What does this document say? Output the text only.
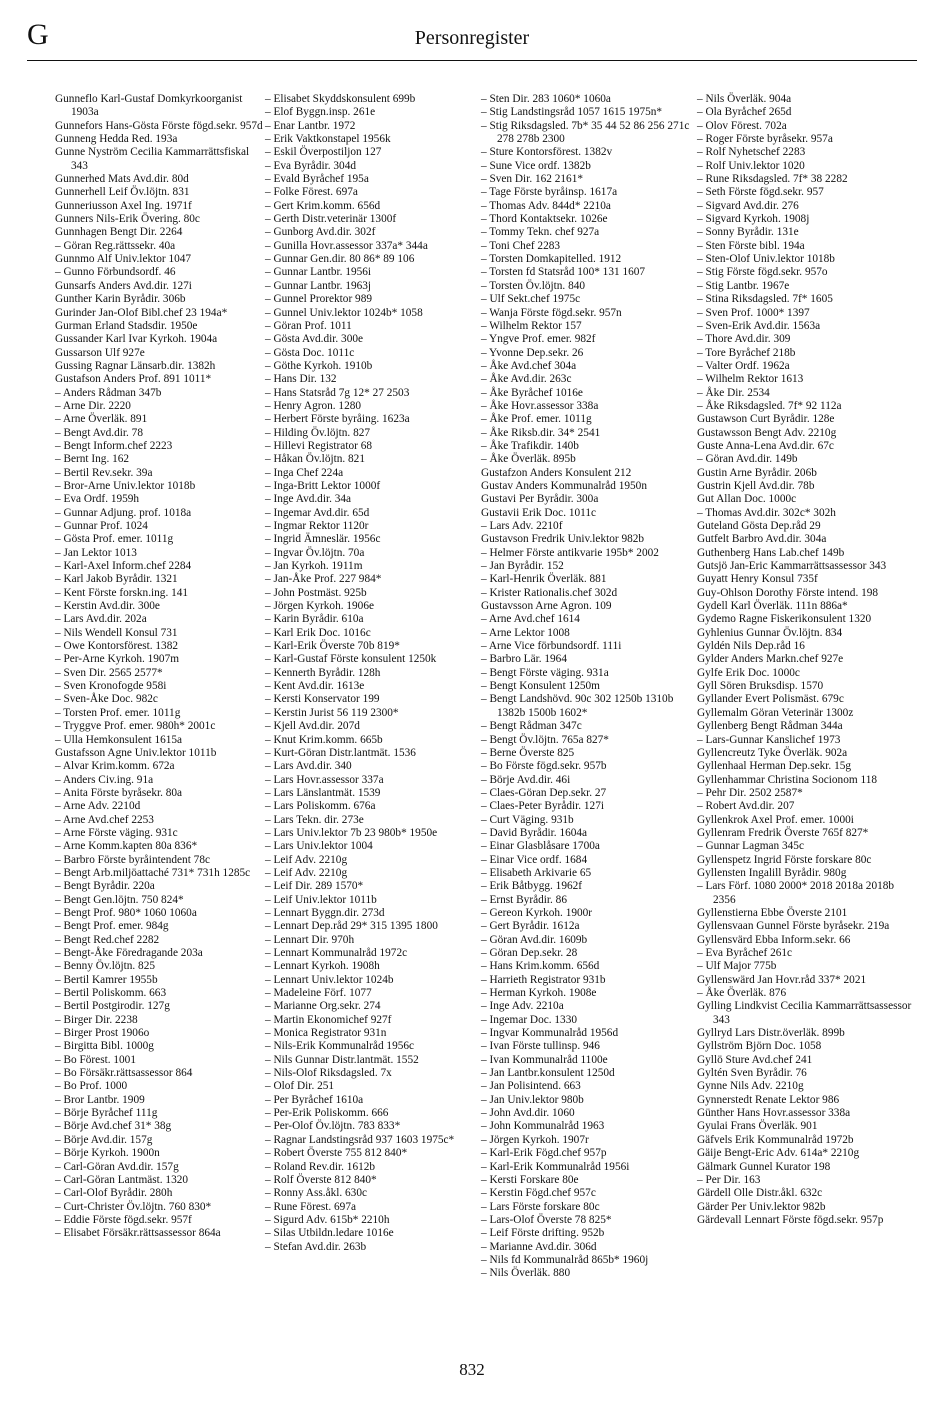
G	Personregister

Gunneflo Karl-Gustaf Domkyrkoorganist 1903a

Gunnefors Hans-Gösta Förste fögd.sekr. 957d

Gunneng Hedda Red. 193a

Gunne Nyström Cecilia Kammarrättsfiskal 343

Gunnerhed Mats Avd.dir. 80d

Gunnerhell Leif Öv.löjtn. 831

Gunneriusson Axel Ing. 1971f

Gunners Nils-Erik Övering. 80c

Gunnhagen Bengt Dir. 2264

– Göran Reg.rättssekr. 40a

Gunnmo Alf Univ.lektor 1047

– Gunno Förbundsordf. 46

Gunsarfs Anders Avd.dir. 127i

Gunther Karin Byrådir. 306b

Gurinder Jan-Olof Bibl.chef 23 194a*

Gurman Erland Stadsdir. 1950e

Gussander Karl Ivar Kyrkoh. 1904a

Gussarson Ulf 927e

Gussing Ragnar Länsarb.dir. 1382h

Gustafson Anders Prof. 891 1011*

– Anders Rådman 347b

– Arne Dir. 2220

– Arne Överläk. 891

– Bengt Avd.dir. 78

– Bengt Inform.chef 2223

– Bernt Ing. 162

– Bertil Rev.sekr. 39a

– Bror-Arne Univ.lektor 1018b

– Eva Ordf. 1959h

– Gunnar Adjung. prof. 1018a

– Gunnar Prof. 1024

– Gösta Prof. emer. 1011g

– Jan Lektor 1013

– Karl-Axel Inform.chef 2284

– Karl Jakob Byrådir. 1321

– Kent Förste forskn.ing. 141

– Kerstin Avd.dir. 300e

– Lars Avd.dir. 202a

– Nils Wendell Konsul 731

– Owe Kontorsförest. 1382

– Per-Arne Kyrkoh. 1907m

– Sven Dir. 2565 2577*

– Sven Kronofogde 958i

– Sven-Åke Doc. 982c

– Torsten Prof. emer. 1011g

– Tryggve Prof. emer. 980h* 2001c

– Ulla Hemkonsulent 1615a

Gustafsson Agne Univ.lektor 1011b

– Alvar Krim.komm. 672a

– Anders Civ.ing. 91a

– Anita Förste byråsekr. 80a

– Arne Adv. 2210d

– Arne Avd.chef 2253

– Arne Förste väging. 931c

– Arne Komm.kapten 80a 836*

– Barbro Förste byråintendent 78c

– Bengt Arb.miljöattaché 731* 731h 1285c

– Bengt Byrådir. 220a

– Bengt Gen.löjtn. 750 824*

– Bengt Prof. 980* 1060 1060a

– Bengt Prof. emer. 984g

– Bengt Red.chef 2282

– Bengt-Åke Föredragande 203a

– Benny Öv.löjtn. 825

– Bertil Kamrer 1955b

– Bertil Poliskomm. 663

– Bertil Postgirodir. 127g

– Birger Dir. 2238

– Birger Prost 1906o

– Birgitta Bibl. 1000g

– Bo Förest. 1001

– Bo Försäkr.rättsassessor 864

– Bo Prof. 1000

– Bror Lantbr. 1909

– Börje Byråchef 111g

– Börje Avd.chef 31* 38g

– Börje Avd.dir. 157g

– Börje Kyrkoh. 1900n

– Carl-Göran Avd.dir. 157g

– Carl-Göran Lantmäst. 1320

– Carl-Olof Byrådir. 280h

– Curt-Christer Öv.löjtn. 760 830*

– Eddie Förste fögd.sekr. 957f

– Elisabet Försäkr.rättsassessor 864a

– Elisabet Skyddskonsulent 699b

– Elof Byggn.insp. 261e

– Enar Lantbr. 1972

– Erik Vaktkonstapel 1956k

– Eskil Överpostiljon 127

– Eva Byrådir. 304d

– Evald Byråchef 195a

– Folke Förest. 697a

– Gert Krim.komm. 656d

– Gerth Distr.veterinär 1300f

– Gunborg Avd.dir. 302f

– Gunilla Hovr.assessor 337a* 344a

– Gunnar Gen.dir. 80 86* 89 106

– Gunnar Lantbr. 1956i

– Gunnar Lantbr. 1963j

– Gunnel Prorektor 989

– Gunnel Univ.lektor 1024b* 1058

– Göran Prof. 1011

– Gösta Avd.dir. 300e

– Gösta Doc. 1011c

– Göthe Kyrkoh. 1910b

– Hans Dir. 132

– Hans Statsråd 7g 12* 27 2503

– Henry Agron. 1280

– Herbert Förste byråing. 1623a

– Hilding Öv.löjtn. 827

– Hillevi Registrator 68

– Håkan Öv.löjtn. 821

– Inga Chef 224a

– Inga-Britt Lektor 1000f

– Inge Avd.dir. 34a

– Ingemar Avd.dir. 65d

– Ingmar Rektor 1120r

– Ingrid Ämneslär. 1956c

– Ingvar Öv.löjtn. 70a

– Jan Kyrkoh. 1911m

– Jan-Åke Prof. 227 984*

– John Postmäst. 925b

– Jörgen Kyrkoh. 1906e

– Karin Byrådir. 610a

– Karl Erik Doc. 1016c

– Karl-Erik Överste 70b 819*

– Karl-Gustaf Förste konsulent 1250k

– Kennerth Byrådir. 128h

– Kent Avd.dir. 1613e

– Kersti Konservator 199

– Kerstin Jurist 56 119 2300*

– Kjell Avd.dir. 207d

– Knut Krim.komm. 665b

– Kurt-Göran Distr.lantmät. 1536

– Lars Avd.dir. 340

– Lars Hovr.assessor 337a

– Lars Länslantmät. 1539

– Lars Poliskomm. 676a

– Lars Tekn. dir. 273e

– Lars Univ.lektor 7b 23 980b* 1950e

– Lars Univ.lektor 1004

– Leif Adv. 2210g

– Leif Adv. 2210g

– Leif Dir. 289 1570*

– Leif Univ.lektor 1011b

– Lennart Byggn.dir. 273d

– Lennart Dep.råd 29* 315 1395 1800

– Lennart Dir. 970h

– Lennart Kommunalråd 1972c

– Lennart Kyrkoh. 1908h

– Lennart Univ.lektor 1024b

– Madeleine Förf. 1077

– Marianne Org.sekr. 274

– Martin Ekonomichef 927f

– Monica Registrator 931n

– Nils-Erik Kommunalråd 1956c

– Nils Gunnar Distr.lantmät. 1552

– Nils-Olof Riksdagsled. 7x

– Olof Dir. 251

– Per Byråchef 1610a

– Per-Erik Poliskomm. 666

– Per-Olof Öv.löjtn. 783 833*

– Ragnar Landstingsråd 937 1603 1975c*

– Robert Överste 755 812 840*

– Roland Rev.dir. 1612b

– Rolf Överste 812 840*

– Ronny Ass.åkl. 630c

– Rune Förest. 697a

– Sigurd Adv. 615b* 2210h

– Silas Utbildn.ledare 1016e

– Stefan Avd.dir. 263b

– Sten Dir. 283 1060* 1060a

– Stig Landstingsråd 1057 1615 1975n*

– Stig Riksdagsled. 7b* 35 44 52 86 256 271c 278 278b 2300

– Sture Kontorsförest. 1382v

– Sune Vice ordf. 1382b

– Sven Dir. 162 2161*

– Tage Förste byråinsp. 1617a

– Thomas Adv. 844d* 2210a

– Thord Kontaktsekr. 1026e

– Tommy Tekn. chef 927a

– Toni Chef 2283

– Torsten Domkapitelled. 1912

– Torsten fd Statsråd 100* 131 1607

– Torsten Öv.löjtn. 840

– Ulf Sekt.chef 1975c

– Wanja Förste fögd.sekr. 957n

– Wilhelm Rektor 157

– Yngve Prof. emer. 982f

– Yvonne Dep.sekr. 26

– Åke Avd.chef 304a

– Åke Avd.dir. 263c

– Åke Byråchef 1016e

– Åke Hovr.assessor 338a

– Åke Prof. emer. 1011g

– Åke Riksb.dir. 34* 2541

– Åke Trafikdir. 140b

– Åke Överläk. 895b

Gustafzon Anders Konsulent 212

Gustav Anders Kommunalråd 1950n

Gustavi Per Byrådir. 300a

Gustavii Erik Doc. 1011c

– Lars Adv. 2210f

Gustavson Fredrik Univ.lektor 982b

– Helmer Förste antikvarie 195b* 2002

– Jan Byrådir. 152

– Karl-Henrik Överläk. 881

– Krister Rationalis.chef 302d

Gustavsson Arne Agron. 109

– Arne Avd.chef 1614

– Arne Lektor 1008

– Arne Vice förbundsordf. 111i

– Barbro Lär. 1964

– Bengt Förste väging. 931a

– Bengt Konsulent 1250m

– Bengt Landshövd. 90c 302 1250b 1310b 1382b 1500b 1602*

– Bengt Rådman 347c

– Bengt Öv.löjtn. 765a 827*

– Berne Överste 825

– Bo Förste fögd.sekr. 957b

– Börje Avd.dir. 46i

– Claes-Göran Dep.sekr. 27

– Claes-Peter Byrådir. 127i

– Curt Väging. 931b

– David Byrådir. 1604a

– Einar Glasblåsare 1700a

– Einar Vice ordf. 1684

– Elisabeth Arkivarie 65

– Erik Båtbygg. 1962f

– Ernst Byrådir. 86

– Gereon Kyrkoh. 1900r

– Gert Byrådir. 1612a

– Göran Avd.dir. 1609b

– Göran Dep.sekr. 28

– Hans Krim.komm. 656d

– Harrieth Registrator 931b

– Herman Kyrkoh. 1908e

– Inge Adv. 2210a

– Ingemar Doc. 1330

– Ingvar Kommunalråd 1956d

– Ivan Förste tullinsp. 946

– Ivan Kommunalråd 1100e

– Jan Lantbr.konsulent 1250d

– Jan Polisintend. 663

– Jan Univ.lektor 980b

– John Avd.dir. 1060

– John Kommunalråd 1963

– Jörgen Kyrkoh. 1907r

– Karl-Erik Fögd.chef 957p

– Karl-Erik Kommunalråd 1956i

– Kersti Forskare 80e

– Kerstin Fögd.chef 957c

– Lars Förste forskare 80c

– Lars-Olof Överste 78 825*

– Leif Förste drifting. 952b

– Marianne Avd.dir. 306d

– Nils fd Kommunalråd 865b* 1960j

– Nils Överläk. 880

– Nils Överläk. 904a

– Ola Byråchef 265d

– Olov Förest. 702a

– Roger Förste byråsekr. 957a

– Rolf Nyhetschef 2283

– Rolf Univ.lektor 1020

– Rune Riksdagsled. 7f* 38 2282

– Seth Förste fögd.sekr. 957

– Sigvard Avd.dir. 276

– Sigvard Kyrkoh. 1908j

– Sonny Byrådir. 131e

– Sten Förste bibl. 194a

– Sten-Olof Univ.lektor 1018b

– Stig Förste fögd.sekr. 957o

– Stig Lantbr. 1967e

– Stina Riksdagsled. 7f* 1605

– Sven Prof. 1000* 1397

– Sven-Erik Avd.dir. 1563a

– Thore Avd.dir. 309

– Tore Byråchef 218b

– Valter Ordf. 1962a

– Wilhelm Rektor 1613

– Åke Dir. 2534

– Åke Riksdagsled. 7f* 92 112a

Gustawson Curt Byrådir. 128e

Gustawsson Bengt Adv. 2210g

Guste Anna-Lena Avd.dir. 67c

– Göran Avd.dir. 149b

Gustin Arne Byrådir. 206b

Gustrin Kjell Avd.dir. 78b

Gut Allan Doc. 1000c

– Thomas Avd.dir. 302c* 302h

Guteland Gösta Dep.råd 29

Gutfelt Barbro Avd.dir. 304a

Guthenberg Hans Lab.chef 149b

Gutsjö Jan-Eric Kammarrättsassessor 343

Guyatt Henry Konsul 735f

Guy-Ohlson Dorothy Förste intend. 198

Gydell Karl Överläk. 111n 886a*

Gydemo Ragne Fiskerikonsulent 1320

Gyhlenius Gunnar Öv.löjtn. 834

Gyldén Nils Dep.råd 16

Gylder Anders Markn.chef 927e

Gylfe Erik Doc. 1000c

Gyll Sören Bruksdisp. 1570

Gyllander Evert Polismäst. 679c

Gyllemalm Göran Veterinär 1300z

Gyllenberg Bengt Rådman 344a

– Lars-Gunnar Kanslichef 1973

Gyllencreutz Tyke Överläk. 902a

Gyllenhaal Herman Dep.sekr. 15g

Gyllenhammar Christina Socionom 118

– Pehr Dir. 2502 2587*

– Robert Avd.dir. 207

Gyllenkrok Axel Prof. emer. 1000i

Gyllenram Fredrik Överste 765f 827*

– Gunnar Lagman 345c

Gyllenspetz Ingrid Förste forskare 80c

Gyllensten Ingalill Byrådir. 980g

– Lars Förf. 1080 2000* 2018 2018a 2018b 2356

Gyllenstierna Ebbe Överste 2101

Gyllensvaan Gunnel Förste byråsekr. 219a

Gyllensvärd Ebba Inform.sekr. 66

– Eva Byråchef 261c

– Ulf Major 775b

Gyllenswärd Jan Hovr.råd 337* 2021

– Åke Överläk. 876

Gylling Lindkvist Cecilia Kammarrättsassessor 343

Gyllryd Lars Distr.överläk. 899b

Gyllström Björn Doc. 1058

Gyllö Sture Avd.chef 241

Gyltén Sven Byrådir. 76

Gynne Nils Adv. 2210g

Gynnerstedt Renate Lektor 986

Günther Hans Hovr.assessor 338a

Gyulai Frans Överläk. 901

Gäfvels Erik Kommunalråd 1972b

Gäije Bengt-Eric Adv. 614a* 2210g

Gälmark Gunnel Kurator 198

– Per Dir. 163

Gärdell Olle Distr.åkl. 632c

Gärder Per Univ.lektor 982b

Gärdevall Lennart Förste fögd.sekr. 957p

832
